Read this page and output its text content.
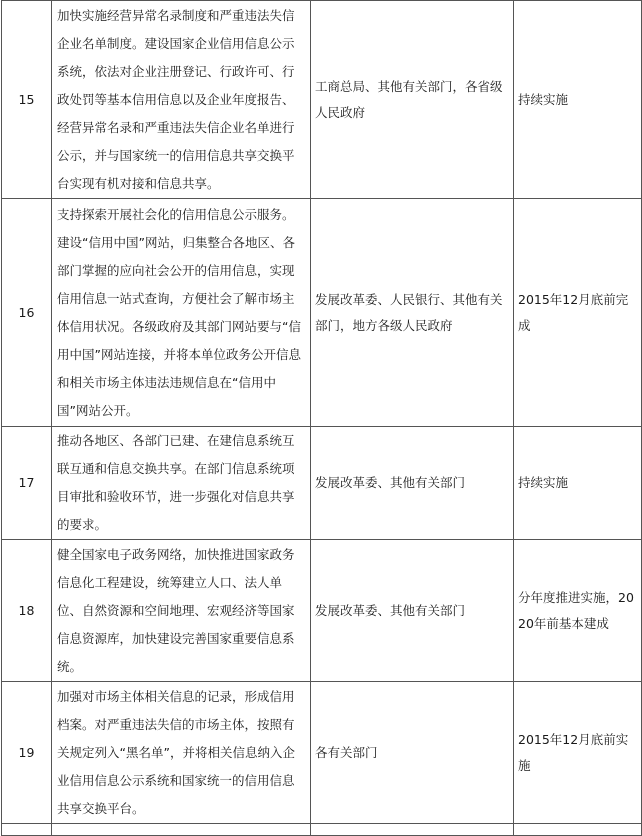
15	加快实施经营异常名录制度和严重违法失信企业名单制度。建设国家企业信用信息公示系统，依法对企业注册登记、行政许可、行政处罚等基本信用信息以及企业年度报告、经营异常名录和严重违法失信企业名单进行公示，并与国家统一的信用信息共享交换平台实现有机对接和信息共享。	工商总局、其他有关部门，各省级人民政府	持续实施
16	支持探索开展社会化的信用信息公示服务。建设“信用中国”网站，归集整合各地区、各部门掌握的应向社会公开的信用信息，实现信用信息一站式查询，方便社会了解市场主体信用状况。各级政府及其部门网站要与“信用中国”网站连接，并将本单位政务公开信息和相关市场主体违法违规信息在“信用中国”网站公开。	发展改革委、人民银行、其他有关部门，地方各级人民政府	2015年12月底前完成
17	推动各地区、各部门已建、在建信息系统互联互通和信息交换共享。在部门信息系统项目审批和验收环节，进一步强化对信息共享的要求。	发展改革委、其他有关部门	持续实施
18	健全国家电子政务网络，加快推进国家政务信息化工程建设，统筹建立人口、法人单位、自然资源和空间地理、宏观经济等国家信息资源库，加快建设完善国家重要信息系统。	发展改革委、其他有关部门	分年度推进实施，2020年前基本建成
19	加强对市场主体相关信息的记录，形成信用档案。对严重违法失信的市场主体，按照有关规定列入“黑名单”，并将相关信息纳入企业信用信息公示系统和国家统一的信用信息共享交换平台。	各有关部门	2015年12月底前实施
